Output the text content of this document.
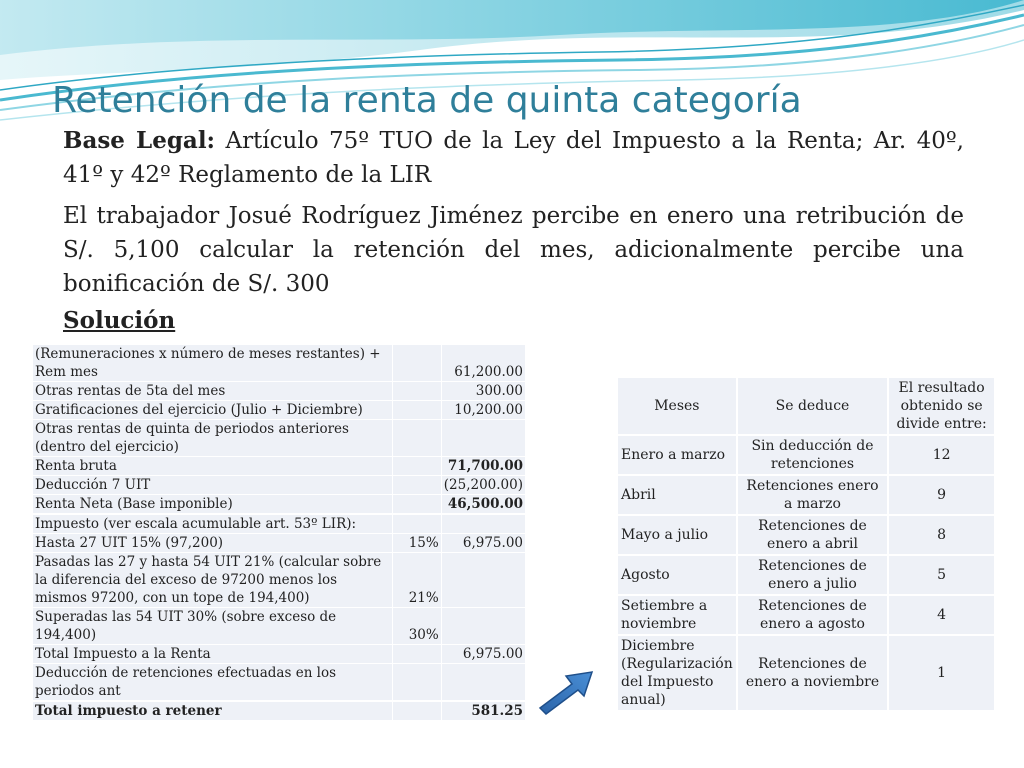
Retención de la renta de quinta categoría

Base Legal: Artículo 75º TUO de la Ley del Impuesto a la Renta; Ar. 40º, 41º y 42º Reglamento de la LIR

El trabajador Josué Rodríguez Jiménez percibe en enero una retribución de S/. 5,100 calcular la retención del mes, adicionalmente percibe una bonificación de S/. 300

Solución
(Remuneraciones x número de meses restantes) + Rem mes		61,200.00
Otras rentas de 5ta del mes		300.00
Gratificaciones del ejercicio (Julio + Diciembre)		10,200.00
Otras rentas de quinta de periodos anteriores (dentro del ejercicio)		
Renta bruta		71,700.00
Deducción 7 UIT		(25,200.00)
Renta Neta (Base imponible)		46,500.00

Impuesto (ver escala acumulable art. 53º LIR):		
Hasta 27 UIT 15% (97,200)	15%	6,975.00
Pasadas las 27 y hasta 54 UIT 21% (calcular sobre la diferencia del exceso de 97200 menos los mismos 97200, con un tope de 194,400)	21%	
Superadas las 54 UIT 30% (sobre exceso de 194,400)	30%	
Total Impuesto a la Renta		6,975.00
Deducción de retenciones efectuadas en los periodos ant		

Total impuesto a retener		581.25
Meses	Se deduce	El resultado obtenido se divide entre:
Enero a marzo	Sin deducción de retenciones	12
Abril	Retenciones enero a marzo	9
Mayo a julio	Retenciones de enero a abril	8
Agosto	Retenciones de enero a julio	5
Setiembre a noviembre	Retenciones de enero a agosto	4
Diciembre (Regularización del Impuesto anual)	Retenciones de enero a noviembre	1
